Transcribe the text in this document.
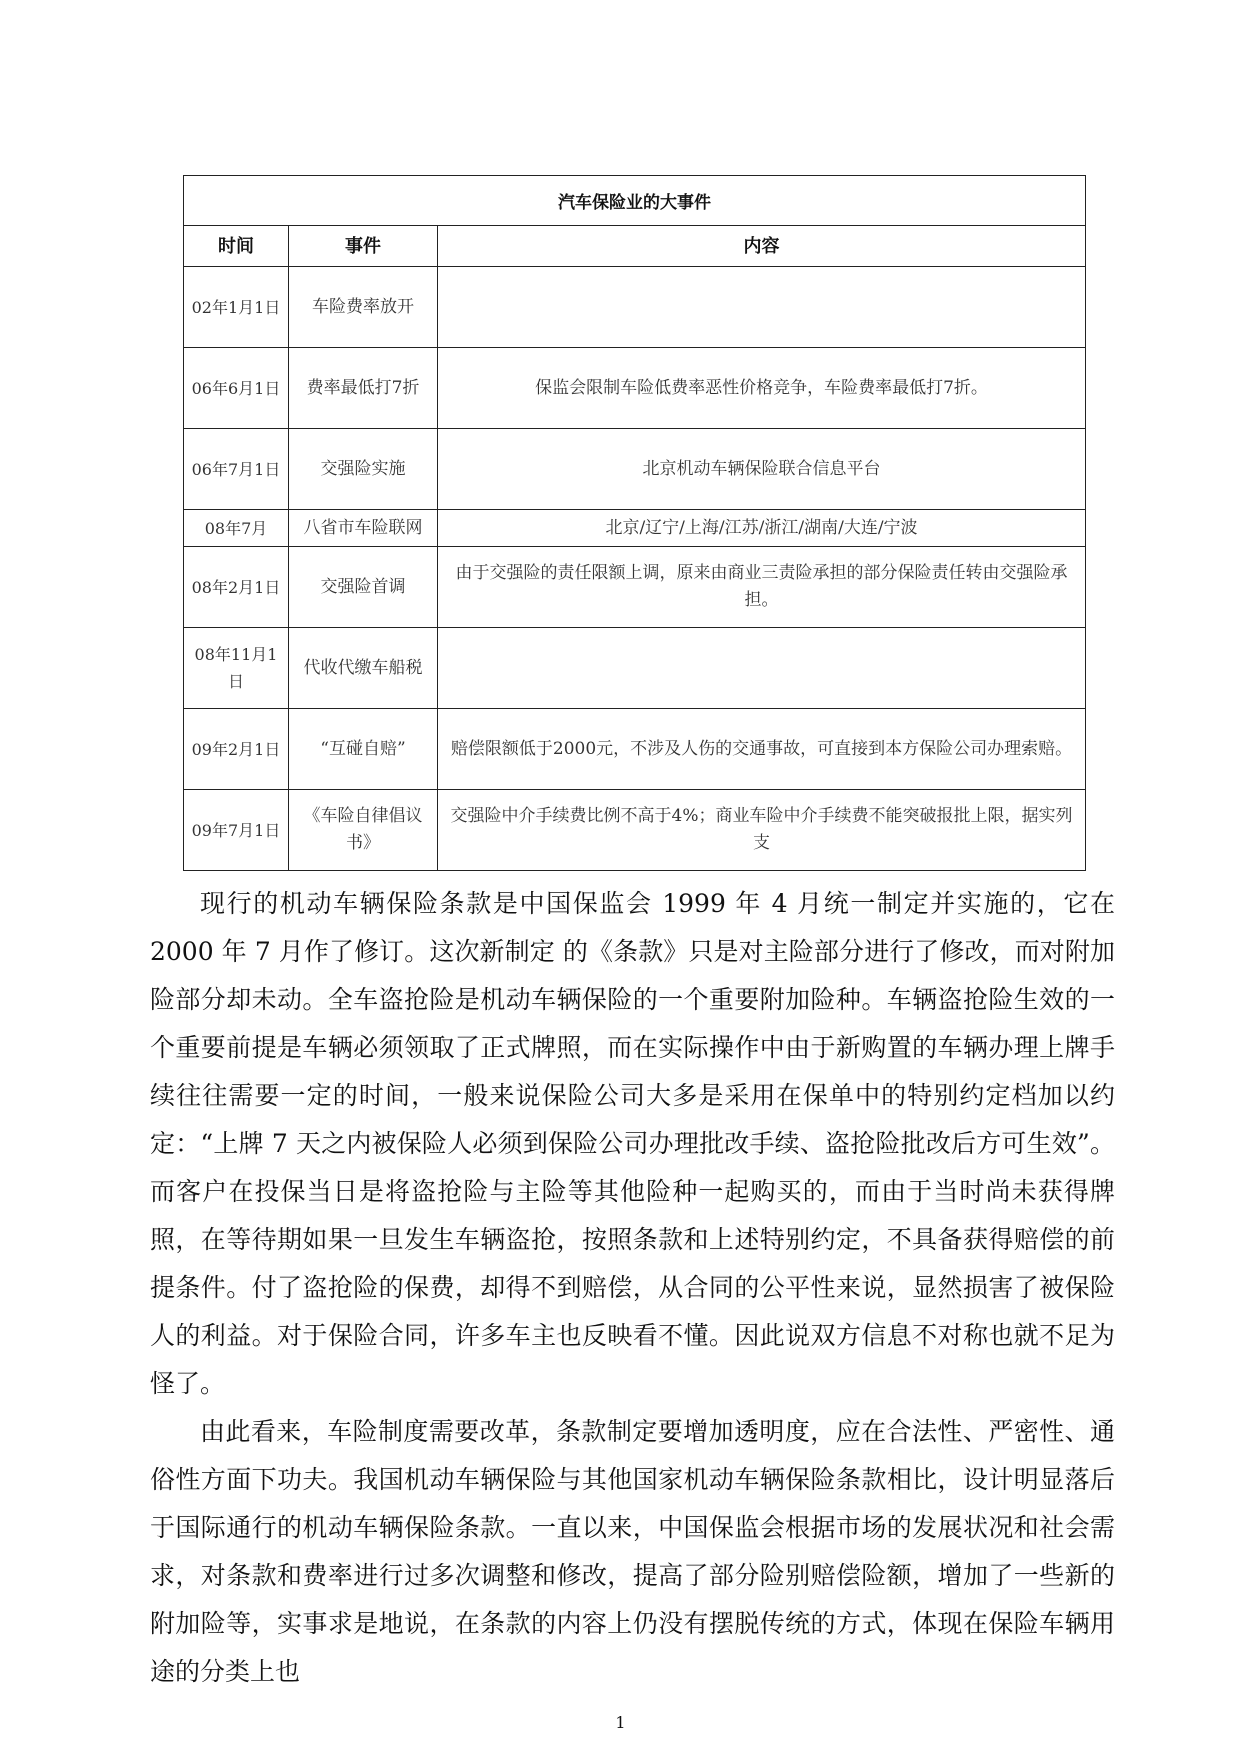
汽车保险业的大事件		
时间	事件	内容
02年1月1日	车险费率放开	
06年6月1日	费率最低打7折	保监会限制车险低费率恶性价格竞争，车险费率最低打7折。
06年7月1日	交强险实施	北京机动车辆保险联合信息平台
08年7月	八省市车险联网	北京/辽宁/上海/江苏/浙江/湖南/大连/宁波
08年2月1日	交强险首调	由于交强险的责任限额上调，原来由商业三责险承担的部分保险责任转由交强险承担。
08年11月1日	代收代缴车船税	
09年2月1日	“互碰自赔”	赔偿限额低于2000元，不涉及人伤的交通事故，可直接到本方保险公司办理索赔。
09年7月1日	《车险自律倡议书》	交强险中介手续费比例不高于4%；商业车险中介手续费不能突破报批上限，据实列支

现行的机动车辆保险条款是中国保监会 1999 年 4 月统一制定并实施的，它在 2000 年 7 月作了修订。这次新制定 的《条款》只是对主险部分进行了修改，而对附加险部分却未动。全车盗抢险是机动车辆保险的一个重要附加险种。车辆盗抢险生效的一个重要前提是车辆必须领取了正式牌照，而在实际操作中由于新购置的车辆办理上牌手续往往需要一定的时间，一般来说保险公司大多是采用在保单中的特别约定档加以约定：“上牌 7 天之内被保险人必须到保险公司办理批改手续、盗抢险批改后方可生效”。而客户在投保当日是将盗抢险与主险等其他险种一起购买的，而由于当时尚未获得牌照，在等待期如果一旦发生车辆盗抢，按照条款和上述特别约定，不具备获得赔偿的前提条件。付了盗抢险的保费，却得不到赔偿，从合同的公平性来说，显然损害了被保险人的利益。对于保险合同，许多车主也反映看不懂。因此说双方信息不对称也就不足为怪了。

由此看来，车险制度需要改革，条款制定要增加透明度，应在合法性、严密性、通俗性方面下功夫。我国机动车辆保险与其他国家机动车辆保险条款相比，设计明显落后于国际通行的机动车辆保险条款。一直以来，中国保监会根据市场的发展状况和社会需求，对条款和费率进行过多次调整和修改，提高了部分险别赔偿险额，增加了一些新的附加险等，实事求是地说，在条款的内容上仍没有摆脱传统的方式，体现在保险车辆用途的分类上也

1
